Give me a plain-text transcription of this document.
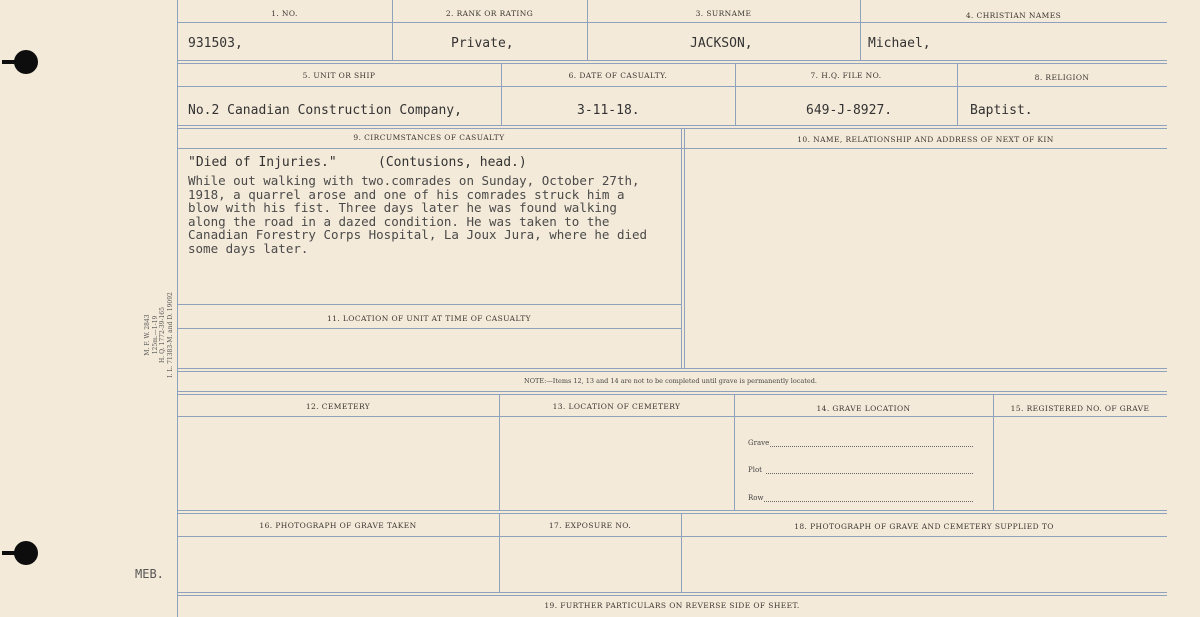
1. NO.	2. RANK OR RATING	3. SURNAME	4. CHRISTIAN NAMES
931503,	Private,	JACKSON,	Michael,
5. UNIT OR SHIP	6. DATE OF CASUALTY.	7. H.Q. FILE NO.	8. RELIGION
No.2 Canadian Construction Company,	3-11-18.	649-J-8927.	Baptist.
9. CIRCUMSTANCES OF CASUALTY	10. NAME, RELATIONSHIP AND ADDRESS OF NEXT OF KIN
"Died of Injuries."	(Contusions, head.)
While out walking with two.comrades on Sunday, October 27th,
1918, a quarrel arose and one of his comrades struck him a
blow with his fist. Three days later he was found walking
along the road in a dazed condition. He was taken to the
Canadian Forestry Corps Hospital, La Joux Jura, where he died
some days later.
11. LOCATION OF UNIT AT TIME OF CASUALTY
NOTE:—Items 12, 13 and 14 are not to be completed until grave is permanently located.
12. CEMETERY	13. LOCATION OF CEMETERY	14. GRAVE LOCATION	15. REGISTERED NO. OF GRAVE
Grave
Plot
Row
16. PHOTOGRAPH OF GRAVE TAKEN	17. EXPOSURE NO.	18. PHOTOGRAPH OF GRAVE AND CEMETERY SUPPLIED TO
19. FURTHER PARTICULARS ON REVERSE SIDE OF SHEET.
M. F. W. 2843 125m.—1-19 H. Q. 1772-39-165 I. L. 71383-M. and D. 19092
MEB.
